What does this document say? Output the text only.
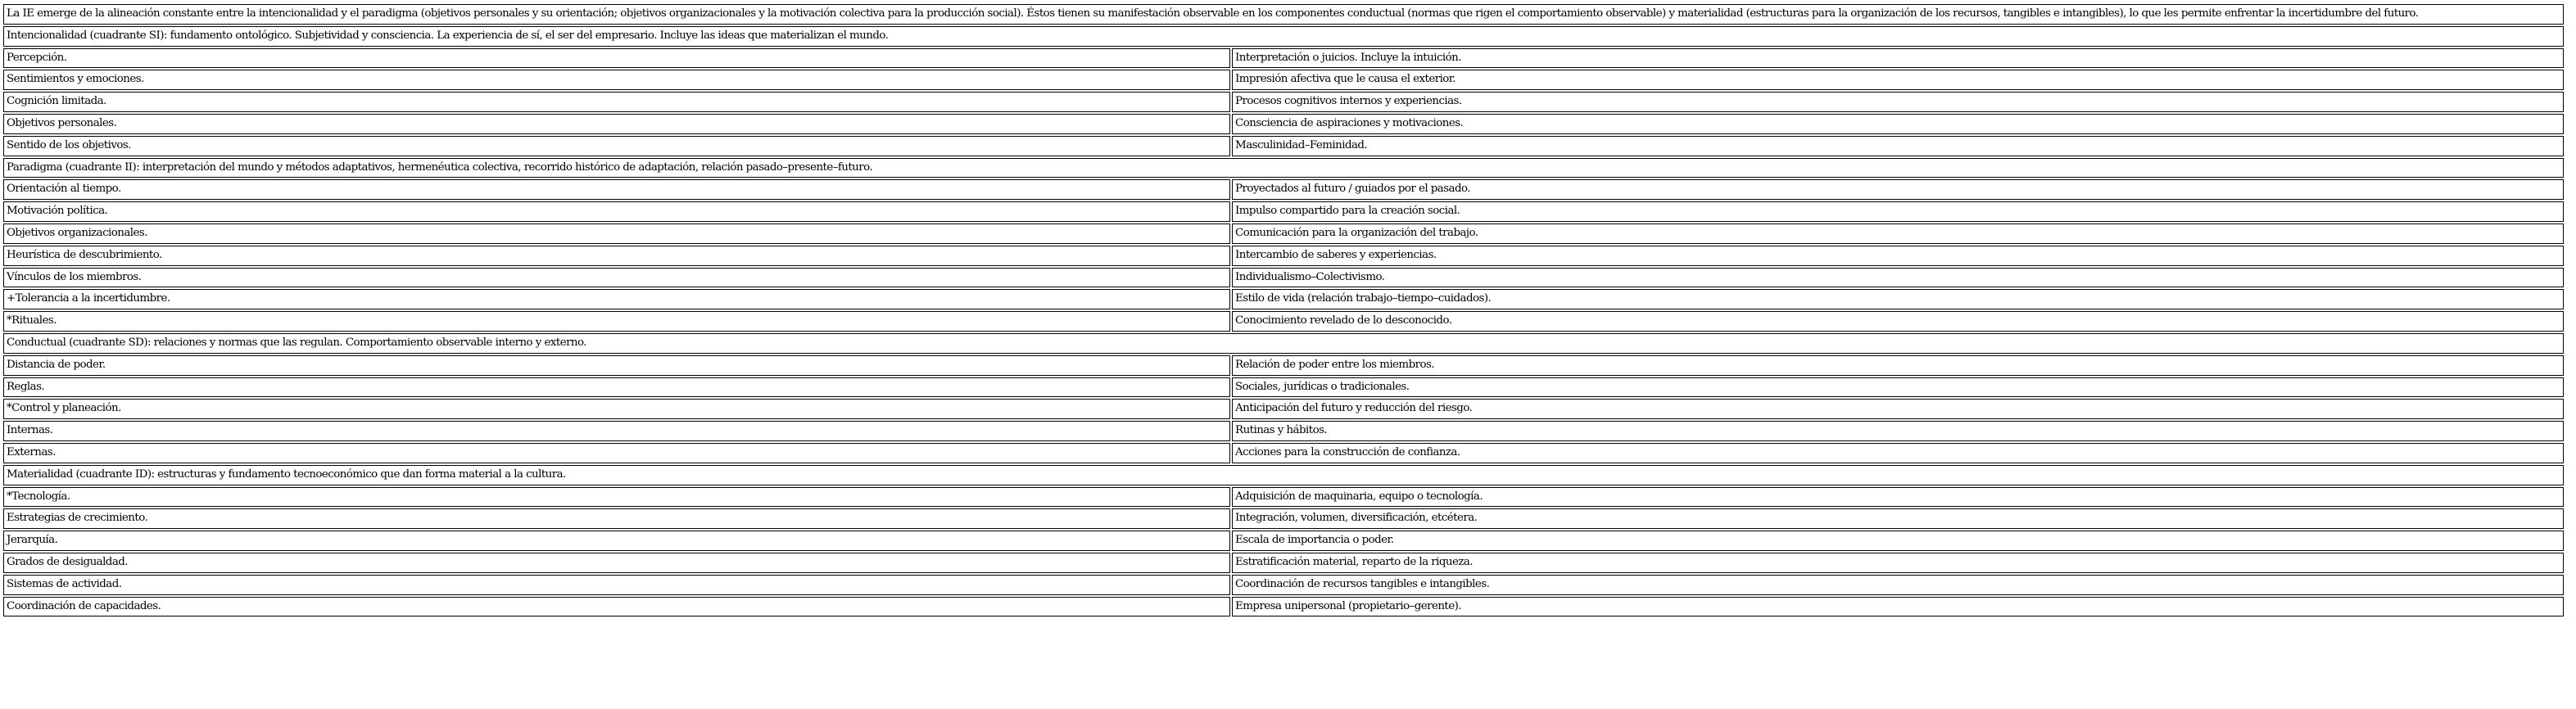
La IE emerge de la alineación constante entre la intencionalidad y el paradigma (objetivos personales y su orientación; objetivos organizacionales y la motivación colectiva para la producción social). Éstos tienen su manifestación observable en los componentes conductual (normas que rigen el comportamiento observable) y materialidad (estructuras para la organización de los recursos, tangibles e intangibles), lo que les permite enfrentar la incertidumbre del futuro.
Intencionalidad (cuadrante SI): fundamento ontológico. Subjetividad y consciencia. La experiencia de sí, el ser del empresario. Incluye las ideas que materializan el mundo.
Percepción.	Interpretación o juicios. Incluye la intuición.
Sentimientos y emociones.	Impresión afectiva que le causa el exterior.
Cognición limitada.	Procesos cognitivos internos y experiencias.
Objetivos personales.	Consciencia de aspiraciones y motivaciones.
Sentido de los objetivos.	Masculinidad–Feminidad.
Paradigma (cuadrante II): interpretación del mundo y métodos adaptativos, hermenéutica colectiva, recorrido histórico de adaptación, relación pasado–presente–futuro.
Orientación al tiempo.	Proyectados al futuro / guiados por el pasado.
Motivación política.	Impulso compartido para la creación social.
Objetivos organizacionales.	Comunicación para la organización del trabajo.
Heurística de descubrimiento.	Intercambio de saberes y experiencias.
Vínculos de los miembros.	Individualismo–Colectivismo.
+Tolerancia a la incertidumbre.	Estilo de vida (relación trabajo–tiempo–cuidados).
*Rituales.	Conocimiento revelado de lo desconocido.
Conductual (cuadrante SD): relaciones y normas que las regulan. Comportamiento observable interno y externo.
Distancia de poder.	Relación de poder entre los miembros.
Reglas.	Sociales, jurídicas o tradicionales.
*Control y planeación.	Anticipación del futuro y reducción del riesgo.
Internas.	Rutinas y hábitos.
Externas.	Acciones para la construcción de confianza.
Materialidad (cuadrante ID): estructuras y fundamento tecnoeconómico que dan forma material a la cultura.
*Tecnología.	Adquisición de maquinaria, equipo o tecnología.
Estrategias de crecimiento.	Integración, volumen, diversificación, etcétera.
Jerarquía.	Escala de importancia o poder.
Grados de desigualdad.	Estratificación material, reparto de la riqueza.
Sistemas de actividad.	Coordinación de recursos tangibles e intangibles.
Coordinación de capacidades.	Empresa unipersonal (propietario–gerente).
